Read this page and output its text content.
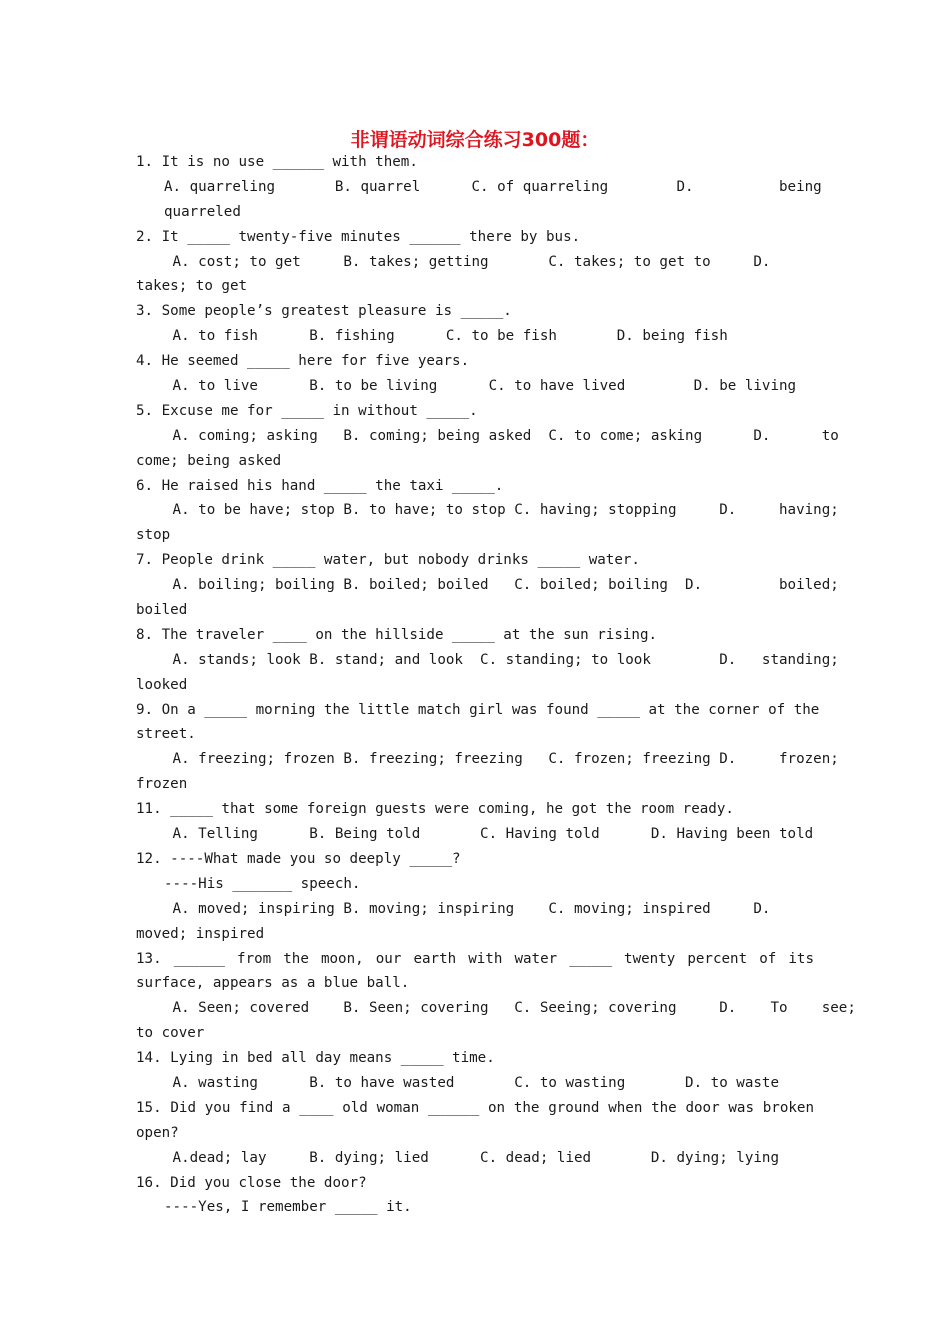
非谓语动词综合练习300题：
1. It is no use ______ with them.
A. quarreling       B. quarrel      C. of quarreling        D.          being
quarreled
2. It _____ twenty-five minutes ______ there by bus.
A. cost; to get     B. takes; getting       C. takes; to get to     D.
takes; to get
3. Some people’s greatest pleasure is _____.
A. to fish      B. fishing      C. to be fish       D. being fish
4. He seemed _____ here for five years.
A. to live      B. to be living      C. to have lived        D. be living
5. Excuse me for _____ in without _____.
A. coming; asking   B. coming; being asked  C. to come; asking      D.      to
come; being asked
6. He raised his hand _____ the taxi _____.
A. to be have; stop B. to have; to stop C. having; stopping     D.     having;
stop
7. People drink _____ water, but nobody drinks _____ water.
A. boiling; boiling B. boiled; boiled   C. boiled; boiling  D.         boiled;
boiled
8. The traveler ____ on the hillside _____ at the sun rising.
A. stands; look B. stand; and look  C. standing; to look        D.   standing;
looked
9. On a _____ morning the little match girl was found _____ at the corner of the
street.
A. freezing; frozen B. freezing; freezing   C. frozen; freezing D.     frozen;
frozen
11. _____ that some foreign guests were coming, he got the room ready.
A. Telling      B. Being told       C. Having told      D. Having been told
12. ----What made you so deeply _____?
----His _______ speech.
A. moved; inspiring B. moving; inspiring    C. moving; inspired     D.
moved; inspired
13. ______ from the moon, our earth with water _____ twenty percent of its
surface, appears as a blue ball.
A. Seen; covered    B. Seen; covering   C. Seeing; covering     D.    To    see;
to cover
14. Lying in bed all day means _____ time.
A. wasting      B. to have wasted       C. to wasting       D. to waste
15. Did you find a ____ old woman ______ on the ground when the door was broken
open?
A.dead; lay     B. dying; lied      C. dead; lied       D. dying; lying
16. Did you close the door?
----Yes, I remember _____ it.
